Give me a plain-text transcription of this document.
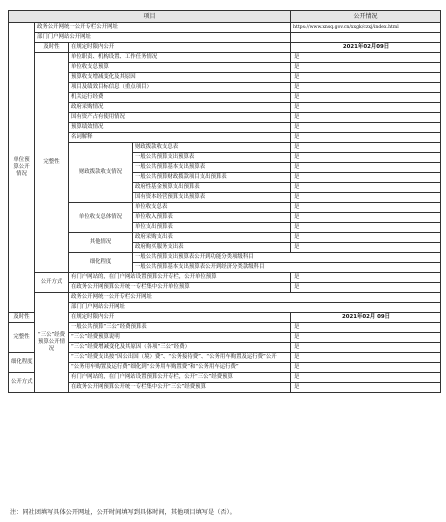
项目				公开情况	
单位预算公开情况	政务公开网统一公开专栏公开网址			https://www.xnsq.gov.cn/xxgk/czxj/index.html	
	部门门户网站公开网址				
	及时性	在规定时限内公开		2021年02月09日	
	完整性	单位职责、机构设置、工作任务情况		是	
		单位收支总预算		是	
		预算收支增减变化及其原因		是	
		项目及绩效目标信息（重点项目）		是	
		机关运行经费		是	
		政府采购情况		是	
		国有资产占有使用情况		是	
		预算绩效情况		是	
		名词解释		是	
		财政拨款收支情况	财政拨款收支总表	是	
			一般公共预算支出预算表	是	
			一般公共预算基本支出预算表	是	
			一般公共预算财政拨款项目支出预算表	是	
			政府性基金预算支出预算表	是	
			国有资本经营预算支出预算表	是	
		单位收支总体情况	单位收支总表	是	
			单位收入预算表	是	
			单位支出预算表	是	
		其他情况	政府采购支出表	是	
			政府购买服务支出表	是	
		细化程度	一般公共预算支出预算表公开到功能分类项级科目	
			一般公共预算基本支出预算表公开到经济分类款级科目	
	公开方式	有门户网站的，在门户网站设置预算公开专栏，公开单位预算		是	
		在政务公开网预算公开统一专栏集中公开单位预算		是	
	“三公”经费预算公开情况	政务公开网统一公开专栏公开网址			
		部门门户网站公开网址			
及时性		在规定时限内公开		2021年02月 09日	
完整性		一般公共预算“三公”经费预算表		是	
		“三公”经费预算说明		是	
		“三公”经费增减变化及其原因（各项“三公”经费）		是	
细化程度		“三公”经费支出按“因公出国（境）费”、“公务接待费”、“公务用车购置及运行费”公开		是	

		“公务用车购置及运行费”细化到“公务用车购置费”和“公务用车运行费”		是	

公开方式		有门户网站的，在门户网站设置预算公开专栏，公开“三公”经费预算		是	

		在政务公开网预算公开统一专栏集中公开“三公”经费预算		是	

注：同社团填写具体公开网址，公开时间填写到具体时间，其他项目填写是（否）。
